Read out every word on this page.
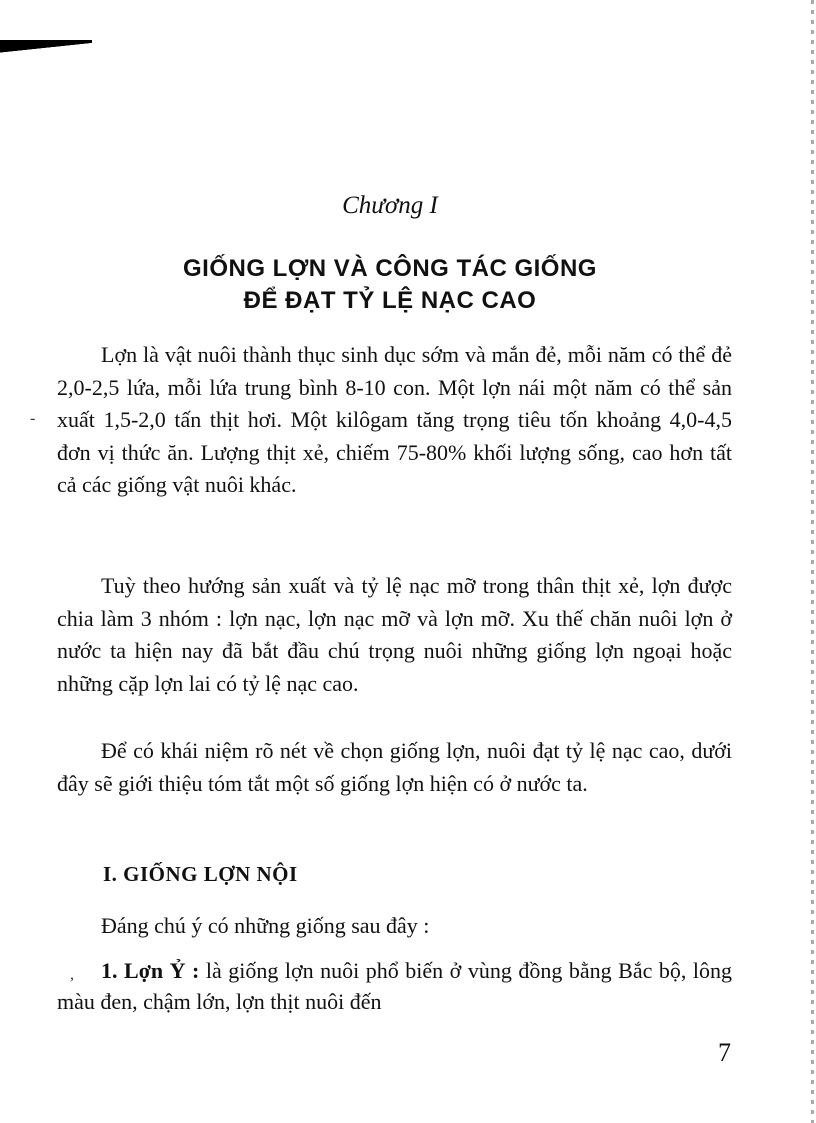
-
,
Chương I
GIỐNG LỢN VÀ CÔNG TÁC GIỐNG
ĐỂ ĐẠT TỶ LỆ NẠC CAO

Lợn là vật nuôi thành thục sinh dục sớm và mắn đẻ, mỗi năm có thể đẻ 2,0-2,5 lứa, mỗi lứa trung bình 8-10 con. Một lợn nái một năm có thể sản xuất 1,5-2,0 tấn thịt hơi. Một kilôgam tăng trọng tiêu tốn khoảng 4,0-4,5 đơn vị thức ăn. Lượng thịt xẻ, chiếm 75-80% khối lượng sống, cao hơn tất cả các giống vật nuôi khác.

Tuỳ theo hướng sản xuất và tỷ lệ nạc mỡ trong thân thịt xẻ, lợn được chia làm 3 nhóm : lợn nạc, lợn nạc mỡ và lợn mỡ. Xu thế chăn nuôi lợn ở nước ta hiện nay đã bắt đầu chú trọng nuôi những giống lợn ngoại hoặc những cặp lợn lai có tỷ lệ nạc cao.

Để có khái niệm rõ nét về chọn giống lợn, nuôi đạt tỷ lệ nạc cao, dưới đây sẽ giới thiệu tóm tắt một số giống lợn hiện có ở nước ta.

I. GIỐNG LỢN NỘI

Đáng chú ý có những giống sau đây :

1. Lợn Ỷ : là giống lợn nuôi phổ biến ở vùng đồng bằng Bắc bộ, lông màu đen, chậm lớn, lợn thịt nuôi đến

7
